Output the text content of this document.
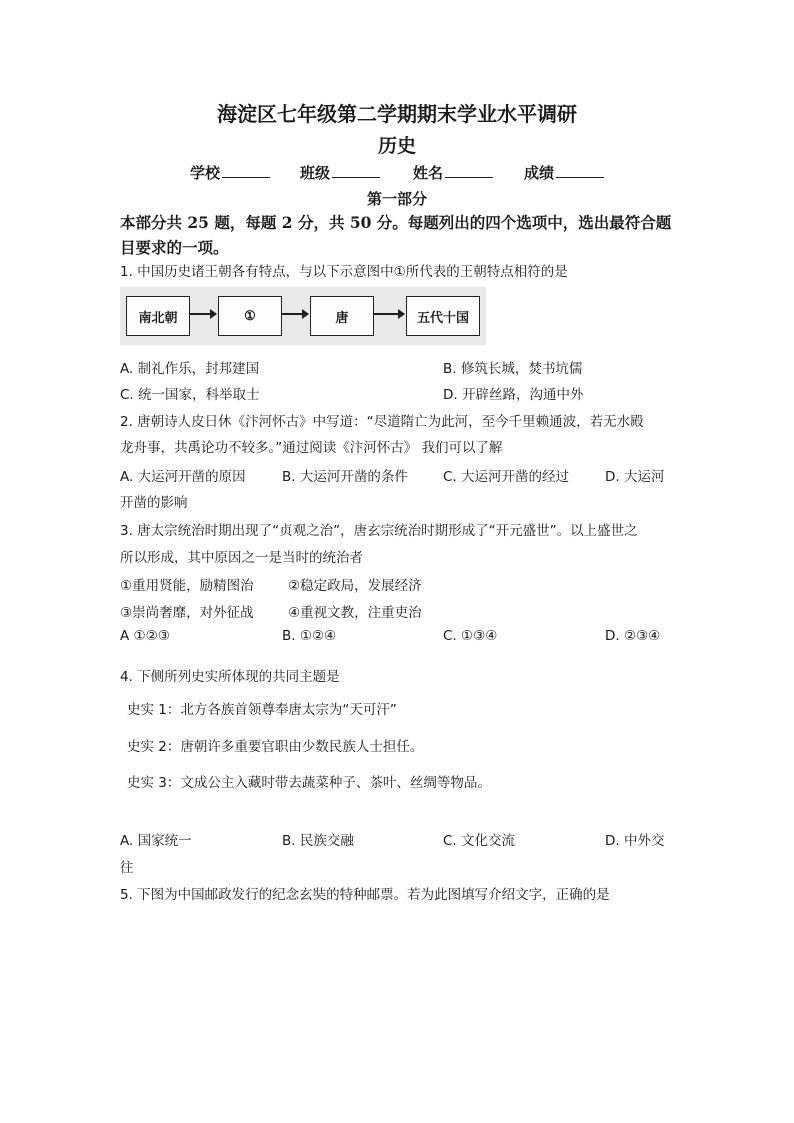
海淀区七年级第二学期期末学业水平调研
历史
学校	班级	姓名	成绩
第一部分
本部分共 25 题，每题 2 分，共 50 分。每题列出的四个选项中，选出最符合题
目要求的一项。
1. 中国历史诸王朝各有特点，与以下示意图中①所代表的王朝特点相符的是
南北朝	①	唐	五代十国
A. 制礼作乐，封邦建国	B. 修筑长城，焚书坑儒
C. 统一国家，科举取士	D. 开辟丝路，沟通中外
2. 唐朝诗人皮日休《汴河怀古》中写道：“尽道隋亡为此河，至今千里赖通波，若无水殿
龙舟事，共禹论功不较多。”通过阅读《汴河怀古》 我们可以了解
A. 大运河开凿的原因	B. 大运河开凿的条件	C. 大运河开凿的经过	D. 大运河
开凿的影响
3. 唐太宗统治时期出现了“贞观之治”，唐玄宗统治时期形成了“开元盛世”。以上盛世之
所以形成，其中原因之一是当时的统治者
①重用贤能，励精图治	②稳定政局，发展经济
③崇尚奢靡，对外征战	④重视文教，注重吏治
A ①②③	B. ①②④	C. ①③④	D. ②③④
4. 下侧所列史实所体现的共同主题是
史实 1：北方各族首领尊奉唐太宗为“天可汗”
史实 2：唐朝许多重要官职由少数民族人士担任。
史实 3：文成公主入藏时带去蔬菜种子、茶叶、丝绸等物品。
A. 国家统一	B. 民族交融	C. 文化交流	D. 中外交
往
5. 下图为中国邮政发行的纪念玄奘的特种邮票。若为此图填写介绍文字，正确的是
